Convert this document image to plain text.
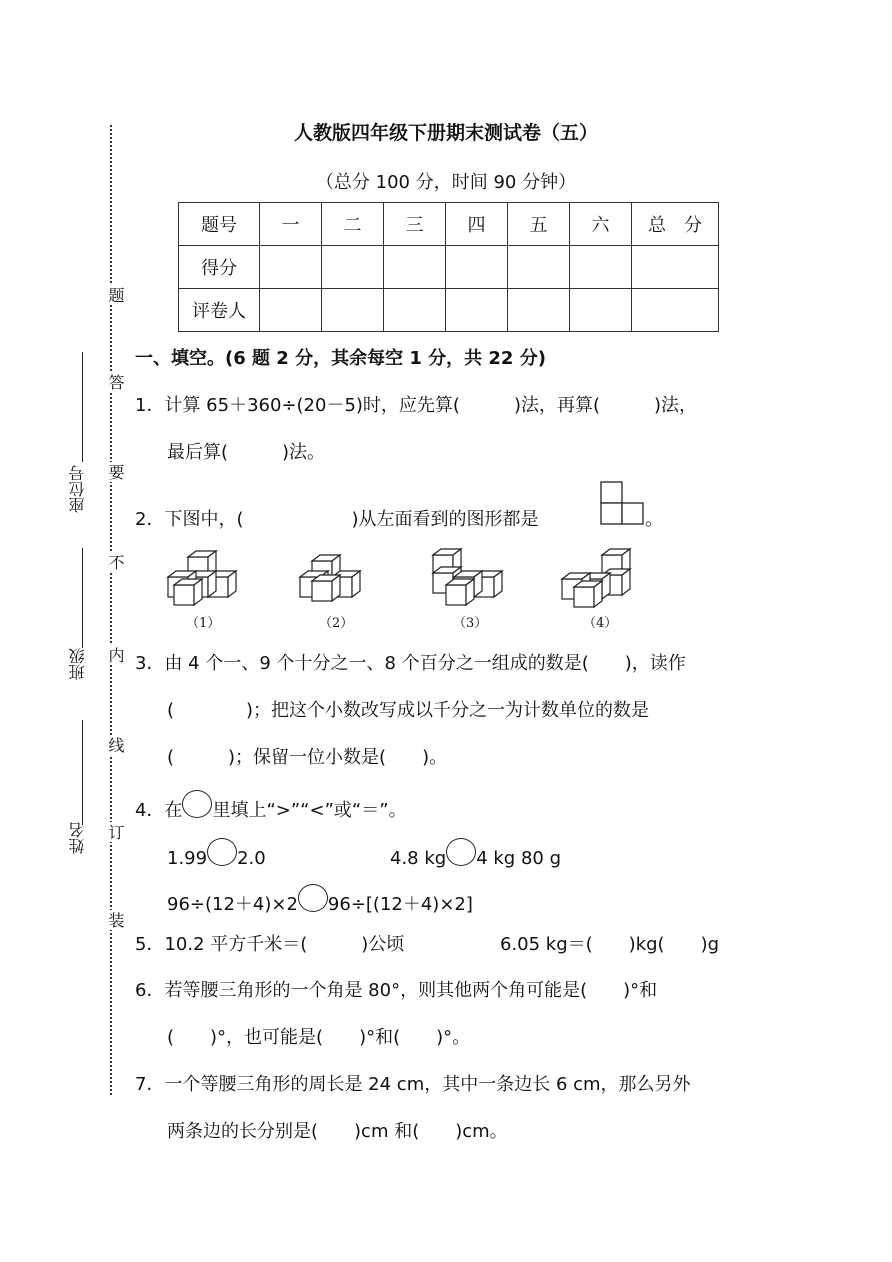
人教版四年级下册期末测试卷（五）
（总分 100 分，时间 90 分钟）
题号	一	二	三	四	五	六	总　分
得分							
评卷人							
题
答
要
不
内
线
订
装
座位号
班级
姓名
一、填空。(6 题 2 分，其余每空 1 分，共 22 分)
1．计算 65＋360÷(20－5)时，应先算(　　　)法，再算(　　　)法，
最后算(　　　)法。
2．下图中，(　　　　　　)从左面看到的图形都是	。
（1）	（2）	（3）	（4）
3．由 4 个一、9 个十分之一、8 个百分之一组成的数是(　　)，读作
(　　　　)；把这个小数改写成以千分之一为计数单位的数是
(　　　)；保留一位小数是(　　)。
4．在 里填上“>”“<”或“＝”。
1.99 2.0	4.8 kg 4 kg 80 g
96÷(12＋4)×2 96÷[(12＋4)×2]
5．10.2 平方千米＝(　　　)公顷	6.05 kg＝(　　)kg(　　)g
6．若等腰三角形的一个角是 80°，则其他两个角可能是(　　)°和
(　　)°，也可能是(　　)°和(　　)°。
7．一个等腰三角形的周长是 24 cm，其中一条边长 6 cm，那么另外
两条边的长分别是(　　)cm 和(　　)cm。
